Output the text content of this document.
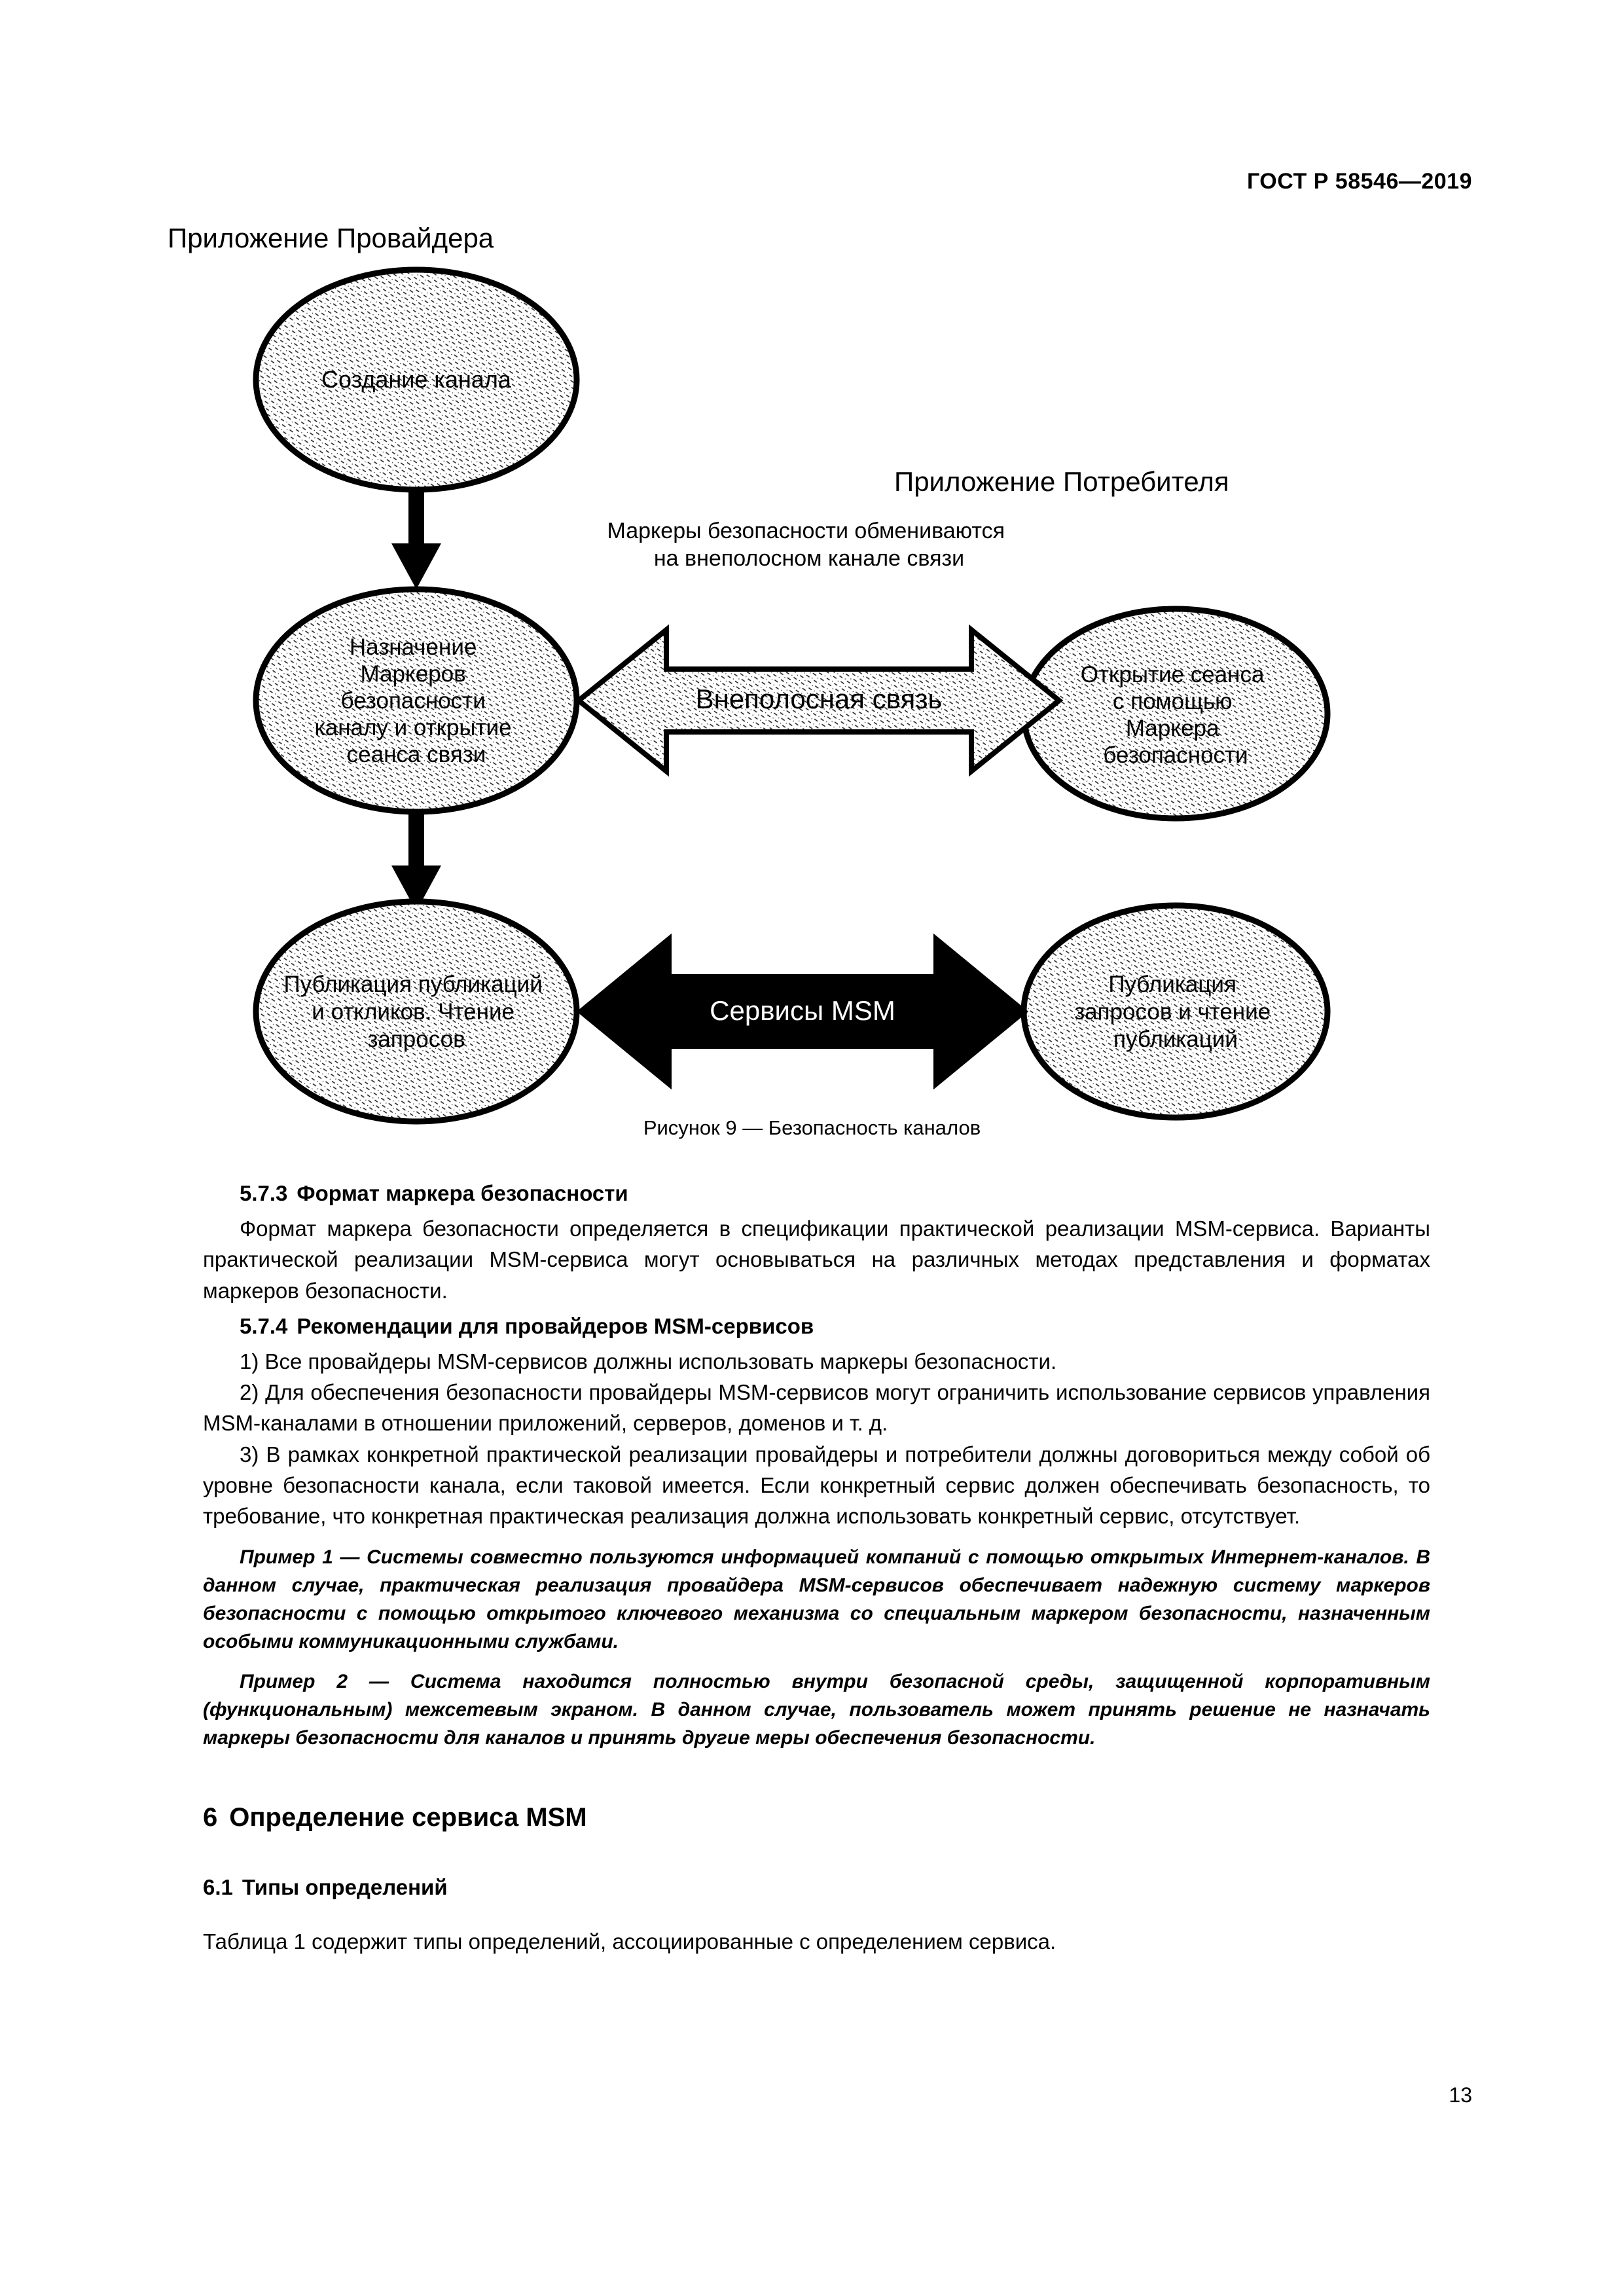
ГОСТ Р 58546—2019
Приложение Провайдера
Приложение Потребителя
Создание канала
Назначение Маркеров безопасности каналу и открытие сеанса связи
Публикация публикаций и откликов. Чтение запросов
Открытие сеанса с помощью Маркера безопасности
Публикация запросов и чтение публикаций
Маркеры безопасности обмениваются на внеполосном канале связи
Внеполосная связь
Сервисы MSM
Рисунок 9 — Безопасность каналов
5.7.3 Формат маркера безопасности

Формат маркера безопасности определяется в спецификации практической реализации MSM-сервиса. Варианты практической реализации MSM-сервиса могут основываться на различных методах представления и форматах маркеров безопасности.

5.7.4 Рекомендации для провайдеров MSM-сервисов

1) Все провайдеры MSM-сервисов должны использовать маркеры безопасности.

2) Для обеспечения безопасности провайдеры MSM-сервисов могут ограничить использование сервисов управления MSM-каналами в отношении приложений, серверов, доменов и т. д.

3) В рамках конкретной практической реализации провайдеры и потребители должны договориться между собой об уровне безопасности канала, если таковой имеется. Если конкретный сервис должен обеспечивать безопасность, то требование, что конкретная практическая реализация должна использовать конкретный сервис, отсутствует.

Пример 1 — Системы совместно пользуются информацией компаний с помощью открытых Интернет-каналов. В данном случае, практическая реализация провайдера MSM-сервисов обеспечивает надежную систему маркеров безопасности с помощью открытого ключевого механизма со специальным маркером безопасности, назначенным особыми коммуникационными службами.

Пример 2 — Система находится полностью внутри безопасной среды, защищенной корпоративным (функциональным) межсетевым экраном. В данном случае, пользователь может принять решение не назначать маркеры безопасности для каналов и принять другие меры обеспечения безопасности.

6 Определение сервиса MSM
6.1 Типы определений

Таблица 1 содержит типы определений, ассоциированные с определением сервиса.

13
